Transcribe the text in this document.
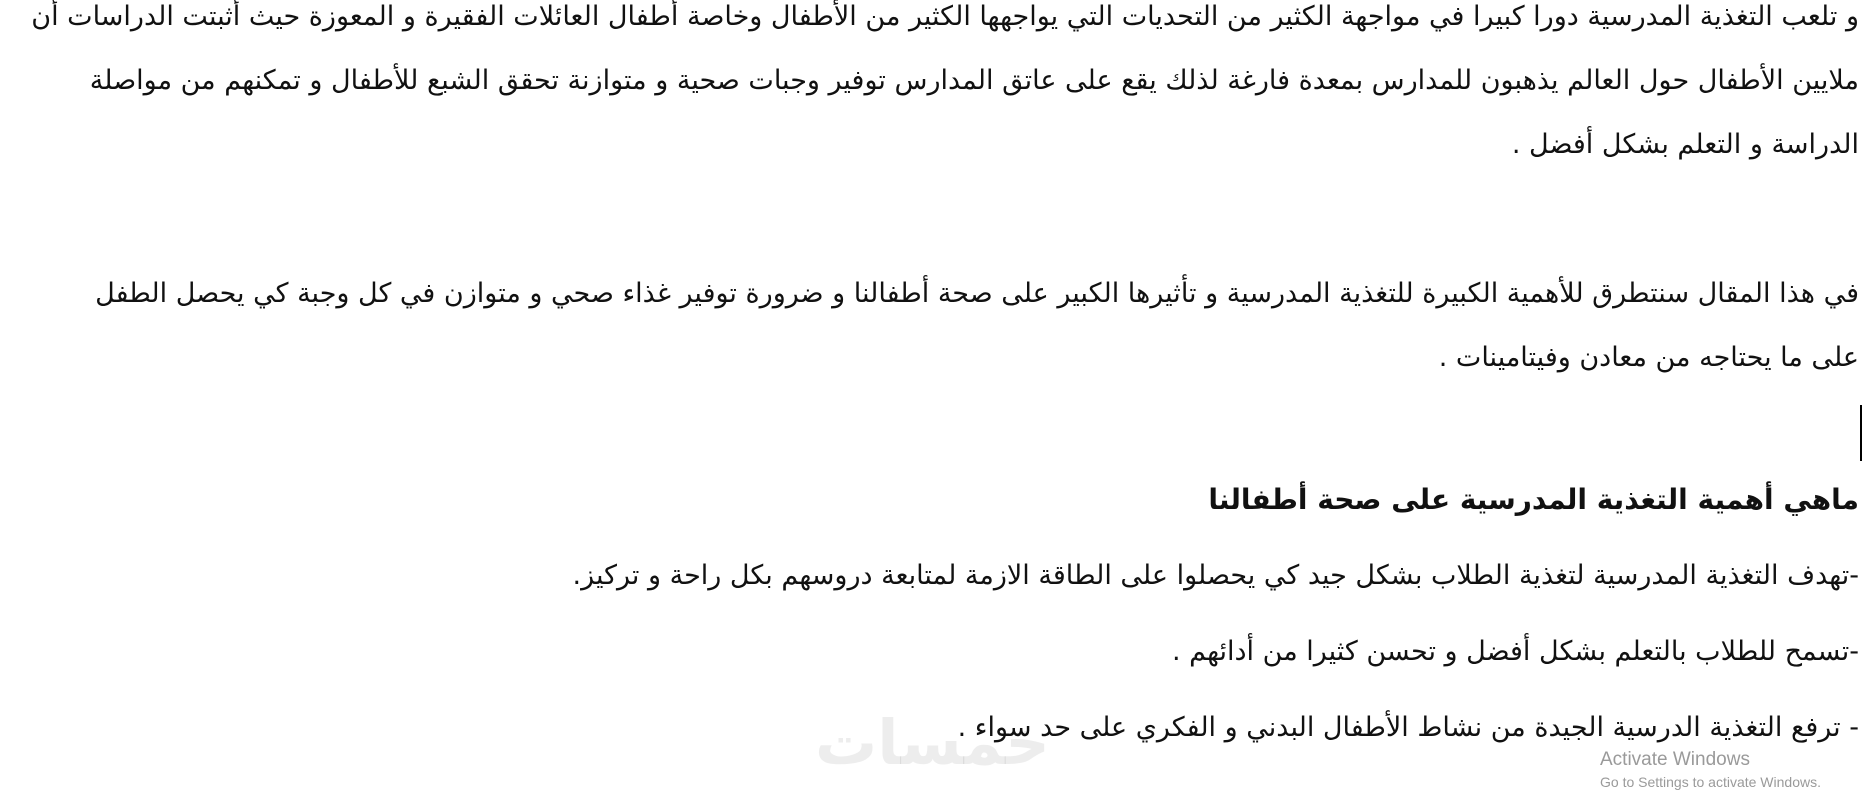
و تلعب التغذية المدرسية دورا كبيرا في مواجهة الكثير من التحديات التي يواجهها الكثير من الأطفال وخاصة أطفال العائلات الفقيرة و المعوزة حيث أثبتت الدراسات أن ملايين الأطفال حول العالم يذهبون للمدارس بمعدة فارغة لذلك يقع على عاتق المدارس توفير وجبات صحية و متوازنة تحقق الشبع للأطفال و تمكنهم من مواصلة الدراسة و التعلم بشكل أفضل .

في هذا المقال سنتطرق للأهمية الكبيرة للتغذية المدرسية و تأثيرها الكبير على صحة أطفالنا و ضرورة توفير غذاء صحي و متوازن في كل وجبة كي يحصل الطفل على ما يحتاجه من معادن وفيتامينات .

ماهي أهمية التغذية المدرسية على صحة أطفالنا

-تهدف التغذية المدرسية لتغذية الطلاب بشكل جيد كي يحصلوا على الطاقة الازمة لمتابعة دروسهم بكل راحة و تركيز.

-تسمح للطلاب بالتعلم بشكل أفضل و تحسن كثيرا من أدائهم .

- ترفع التغذية الدرسية الجيدة من نشاط الأطفال البدني و الفكري على حد سواء .

خمسات	Activate Windows
Go to Settings to activate Windows.
